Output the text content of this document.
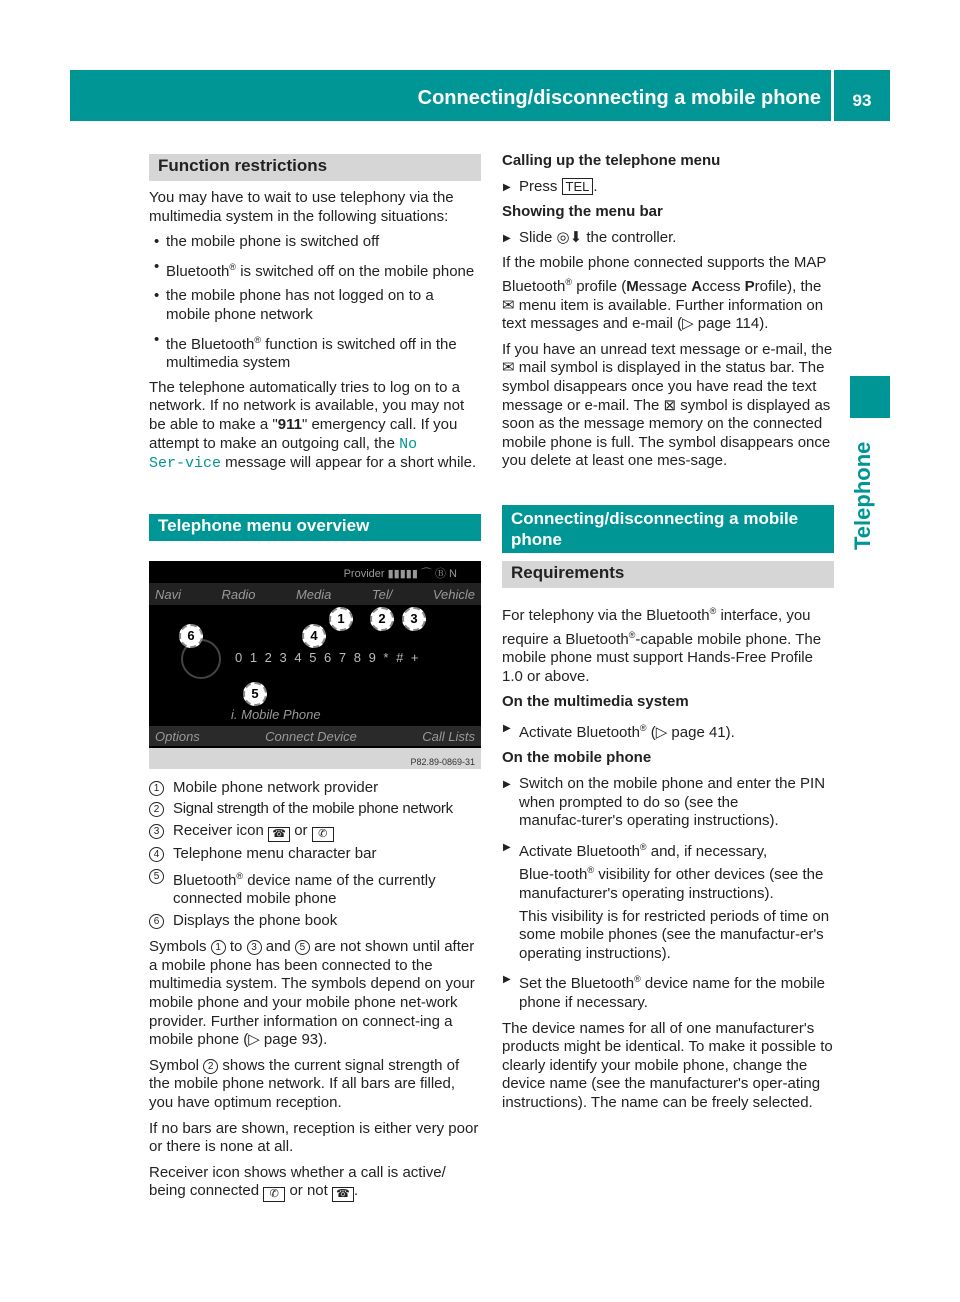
Connecting/disconnecting a mobile phone	93
Telephone
Function restrictions

You may have to wait to use telephony via the multimedia system in the following situations:

• the mobile phone is switched off
• Bluetooth® is switched off on the mobile phone
• the mobile phone has not logged on to a mobile phone network
• the Bluetooth® function is switched off in the multimedia system

The telephone automatically tries to log on to a network. If no network is available, you may not be able to make a "911" emergency call. If you attempt to make an outgoing call, the No Ser‑vice message will appear for a short while.

Telephone menu overview
Provider ▮▮▮▮▮ ⌒ Ⓑ N
Navi	Radio	Media	Tel/	Vehicle
0 1 2 3 4 5 6 7 8 9 * # +
i. Mobile Phone
Options	Connect Device	Call Lists
P82.89-0869-31
1	2	3
4
6
5
1 Mobile phone network provider
2 Signal strength of the mobile phone network
3 Receiver icon ☎ or ✆
4 Telephone menu character bar
5 Bluetooth® device name of the currently connected mobile phone
6 Displays the phone book

Symbols 1 to 3 and 5 are not shown until after a mobile phone has been connected to the multimedia system. The symbols depend on your mobile phone and your mobile phone net‑work provider. Further information on connect‑ing a mobile phone (▷ page 93).

Symbol 2 shows the current signal strength of the mobile phone network. If all bars are filled, you have optimum reception.

If no bars are shown, reception is either very poor or there is none at all.

Receiver icon shows whether a call is active/ being connected ✆ or not ☎ .

Calling up the telephone menu

▶ Press TEL .

Showing the menu bar

▶ Slide ◎⬇ the controller.

If the mobile phone connected supports the MAP Bluetooth® profile (Message Access Profile), the ✉ menu item is available. Further information on text messages and e-mail (▷ page 114).

If you have an unread text message or e-mail, the ✉ mail symbol is displayed in the status bar. The symbol disappears once you have read the text message or e-mail. The ⊠ symbol is displayed as soon as the message memory on the connected mobile phone is full. The symbol disappears once you delete at least one mes‑sage.

Connecting/disconnecting a mobile phone
Requirements

For telephony via the Bluetooth® interface, you require a Bluetooth®-capable mobile phone. The mobile phone must support Hands-Free Profile 1.0 or above.

On the multimedia system

▶ Activate Bluetooth® (▷ page 41).

On the mobile phone

▶ Switch on the mobile phone and enter the PIN when prompted to do so (see the manufac‑turer's operating instructions).
▶ Activate Bluetooth® and, if necessary, Blue‑tooth® visibility for other devices (see the manufacturer's operating instructions).

This visibility is for restricted periods of time on some mobile phones (see the manufactur‑er's operating instructions).

▶ Set the Bluetooth® device name for the mobile phone if necessary.

The device names for all of one manufacturer's products might be identical. To make it possible to clearly identify your mobile phone, change the device name (see the manufacturer's oper‑ating instructions). The name can be freely selected.
